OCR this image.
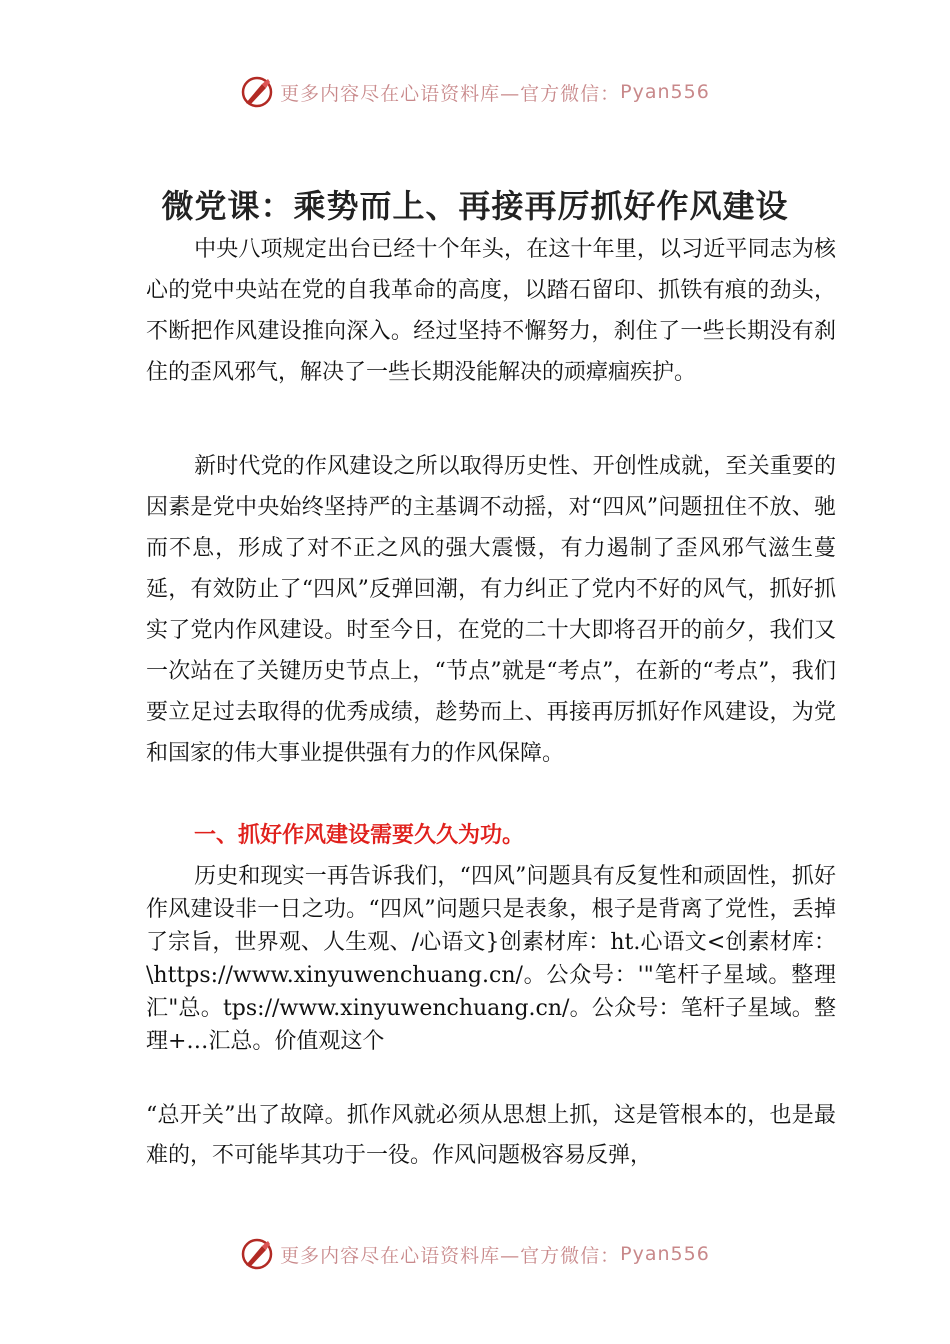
更多内容尽在心语资料库—官方微信： Pyan556
微党课：乘势而上、再接再厉抓好作风建设

中央八项规定出台已经十个年头，在这十年里，以习近平同志为核心的党中央站在党的自我革命的高度，以踏石留印、抓铁有痕的劲头，不断把作风建设推向深入。经过坚持不懈努力，刹住了一些长期没有刹住的歪风邪气，解决了一些长期没能解决的顽瘴痼疾护。

新时代党的作风建设之所以取得历史性、开创性成就，至关重要的因素是党中央始终坚持严的主基调不动摇，对“四风”问题扭住不放、驰而不息，形成了对不正之风的强大震慑，有力遏制了歪风邪气滋生蔓延，有效防止了“四风”反弹回潮，有力纠正了党内不好的风气，抓好抓实了党内作风建设。时至今日，在党的二十大即将召开的前夕，我们又一次站在了关键历史节点上，“节点”就是“考点”，在新的“考点”，我们要立足过去取得的优秀成绩，趁势而上、再接再厉抓好作风建设，为党和国家的伟大事业提供强有力的作风保障。

一、抓好作风建设需要久久为功。

历史和现实一再告诉我们，“四风”问题具有反复性和顽固性，抓好作风建设非一日之功。“四风”问题只是表象，根子是背离了党性，丢掉了宗旨，世界观、人生观、/心语文}创素材库：ht.心语文<创素材库：\https://www.xinyuwenchuang.cn/。公众号：'"笔杆子星域。整理汇"总。tps://www.xinyuwenchuang.cn/。公众号：笔杆子星域。整理+…汇总。价值观这个

“总开关”出了故障。抓作风就必须从思想上抓，这是管根本的，也是最难的，不可能毕其功于一役。作风问题极容易反弹，

更多内容尽在心语资料库—官方微信： Pyan556
